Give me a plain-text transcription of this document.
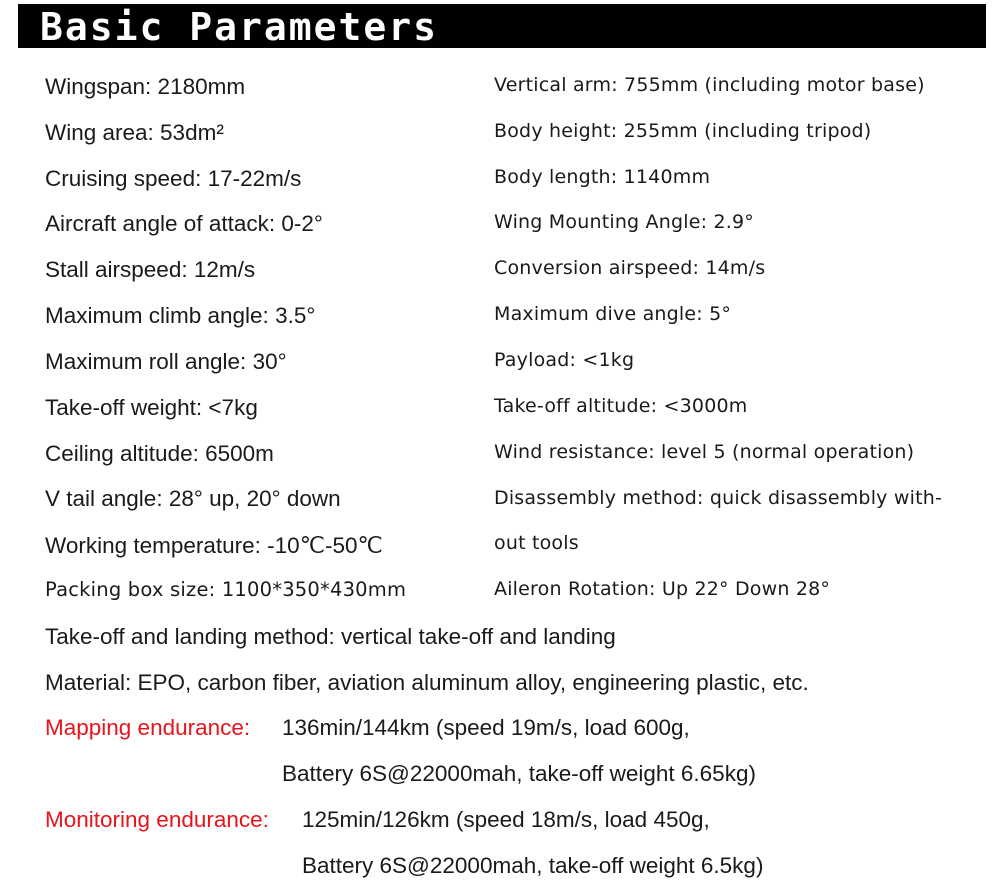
Basic Parameters
Wingspan: 2180mm
Wing area: 53dm²
Cruising speed: 17-22m/s
Aircraft angle of attack: 0-2°
Stall airspeed: 12m/s
Maximum climb angle: 3.5°
Maximum roll angle: 30°
Take-off weight: <7kg
Ceiling altitude: 6500m
V tail angle: 28° up, 20° down
Working temperature: -10℃-50℃
Packing box size: 1100*350*430mm
Vertical arm: 755mm (including motor base)
Body height: 255mm (including tripod)
Body length: 1140mm
Wing Mounting Angle: 2.9°
Conversion airspeed: 14m/s
Maximum dive angle: 5°
Payload: <1kg
Take-off altitude: <3000m
Wind resistance: level 5 (normal operation)
Disassembly method: quick disassembly with-
out tools
Aileron Rotation: Up 22° Down 28°
Take-off and landing method: vertical take-off and landing
Material: EPO, carbon fiber, aviation aluminum alloy, engineering plastic, etc.
Mapping endurance: 136min/144km (speed 19m/s, load 600g,
Battery 6S@22000mah, take-off weight 6.65kg)
Monitoring endurance: 125min/126km (speed 18m/s, load 450g,
Battery 6S@22000mah, take-off weight 6.5kg)
